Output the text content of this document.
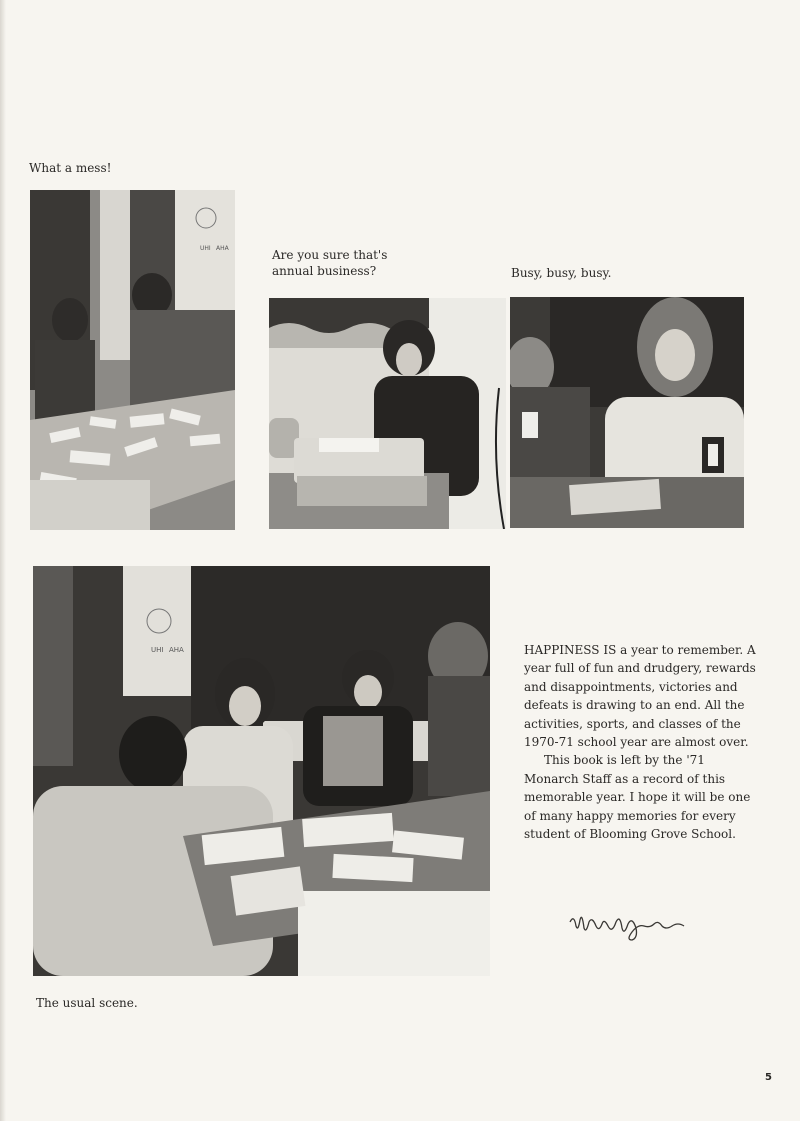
What a mess!
UHI AHA	Are you sure that's
annual business?	Busy, busy, busy.
UHI AHA
The usual scene.

HAPPINESS IS a year to remember. A year full of fun and drudgery, rewards and disappointments, victories and defeats is drawing to an end. All the activities, sports, and classes of the 1970-71 school year are almost over.

This book is left by the '71 Monarch Staff as a record of this memorable year. I hope it will be one of many happy memories for every student of Blooming Grove School.

5
